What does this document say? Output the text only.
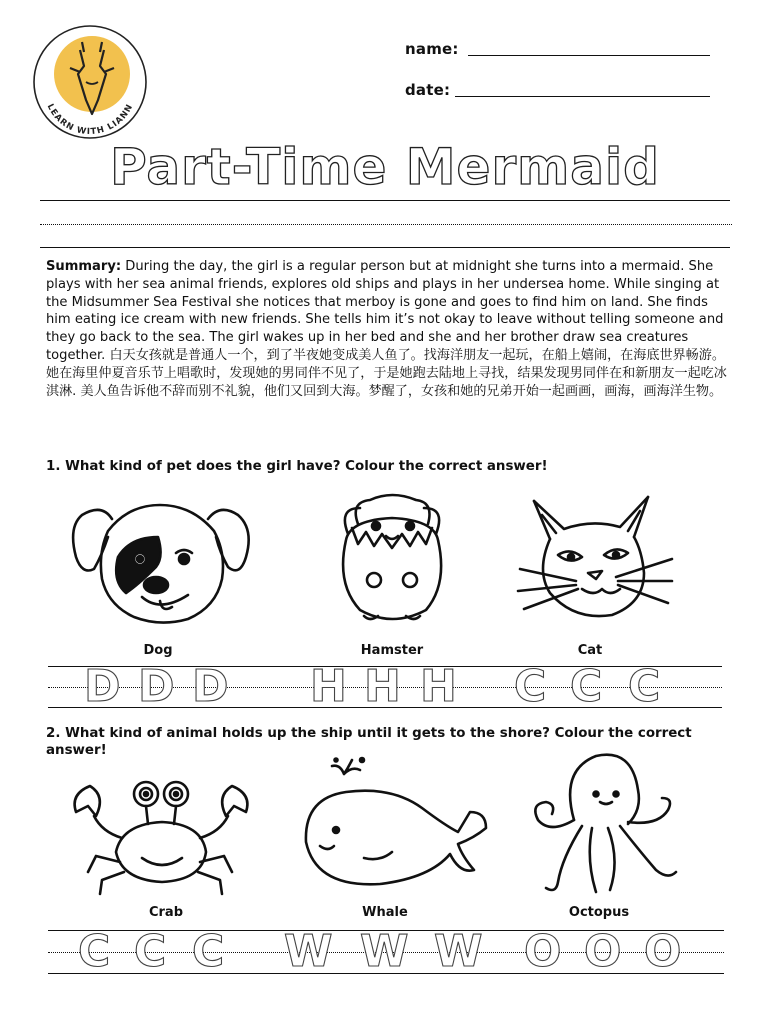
LEARN WITH LIANN
name:
date:
Part-Time Mermaid
Summary: During the day, the girl is a regular person but at midnight she turns into a mermaid. She plays with her sea animal friends, explores old ships and plays in her undersea home. While singing at the Midsummer Sea Festival she notices that merboy is gone and goes to find him on land. She finds him eating ice cream with new friends. She tells him it’s not okay to leave without telling someone and they go back to the sea. The girl wakes up in her bed and she and her brother draw sea creatures together. 白天女孩就是普通人一个，到了半夜她变成美人鱼了。找海洋朋友一起玩，在船上嬉闹，在海底世界畅游。她在海里仲夏音乐节上唱歌时，发现她的男同伴不见了，于是她跑去陆地上寻找，结果发现男同伴在和新朋友一起吃冰淇淋. 美人鱼告诉他不辞而别不礼貌，他们又回到大海。梦醒了，女孩和她的兄弟开始一起画画，画海，画海洋生物。
1. What kind of pet does the girl have? Colour the correct answer!
Dog	Hamster	Cat
D D D H H H C C C
2. What kind of animal holds up the ship until it gets to the shore? Colour the correct answer!
Crab	Whale	Octopus
C C C W W W O O O
